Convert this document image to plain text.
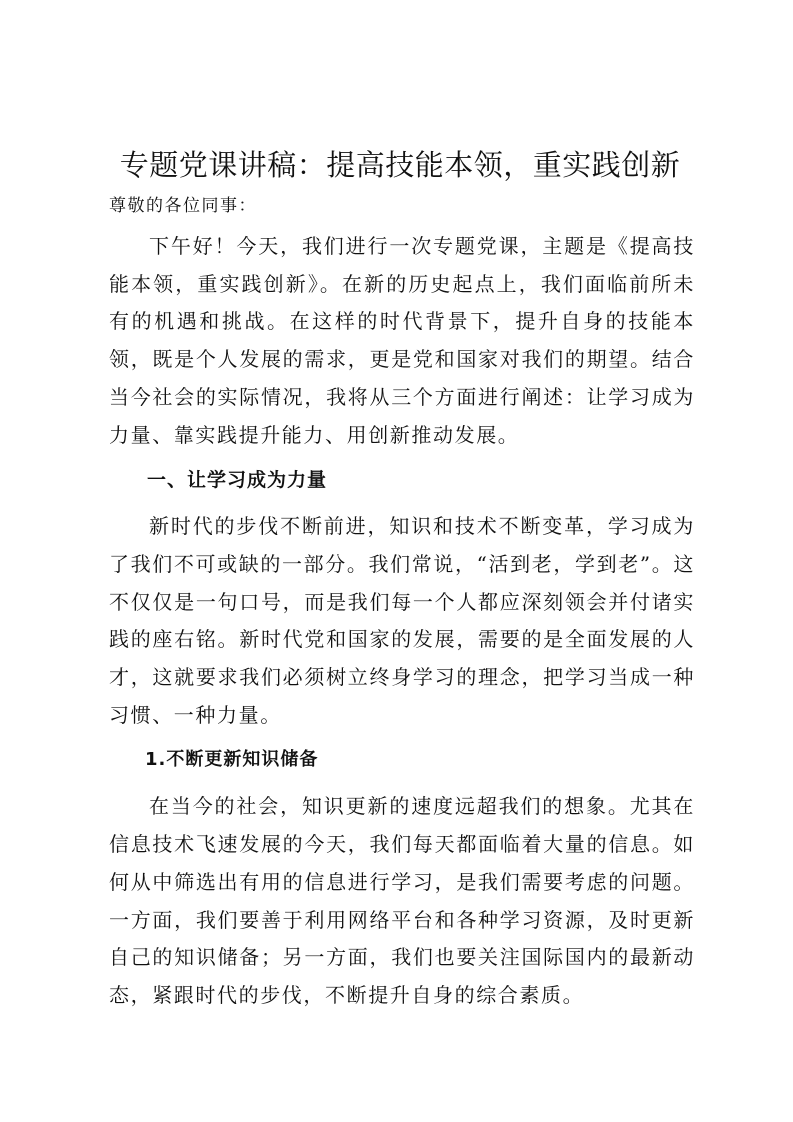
专题党课讲稿：提高技能本领，重实践创新

尊敬的各位同事：

下午好！今天，我们进行一次专题党课，主题是《提高技能本领，重实践创新》。在新的历史起点上，我们面临前所未有的机遇和挑战。在这样的时代背景下，提升自身的技能本领，既是个人发展的需求，更是党和国家对我们的期望。结合当今社会的实际情况，我将从三个方面进行阐述：让学习成为力量、靠实践提升能力、用创新推动发展。

一、让学习成为力量

新时代的步伐不断前进，知识和技术不断变革，学习成为了我们不可或缺的一部分。我们常说，“活到老，学到老”。这不仅仅是一句口号，而是我们每一个人都应深刻领会并付诸实践的座右铭。新时代党和国家的发展，需要的是全面发展的人才，这就要求我们必须树立终身学习的理念，把学习当成一种习惯、一种力量。

1.不断更新知识储备

在当今的社会，知识更新的速度远超我们的想象。尤其在信息技术飞速发展的今天，我们每天都面临着大量的信息。如何从中筛选出有用的信息进行学习，是我们需要考虑的问题。一方面，我们要善于利用网络平台和各种学习资源，及时更新自己的知识储备；另一方面，我们也要关注国际国内的最新动态，紧跟时代的步伐，不断提升自身的综合素质。
